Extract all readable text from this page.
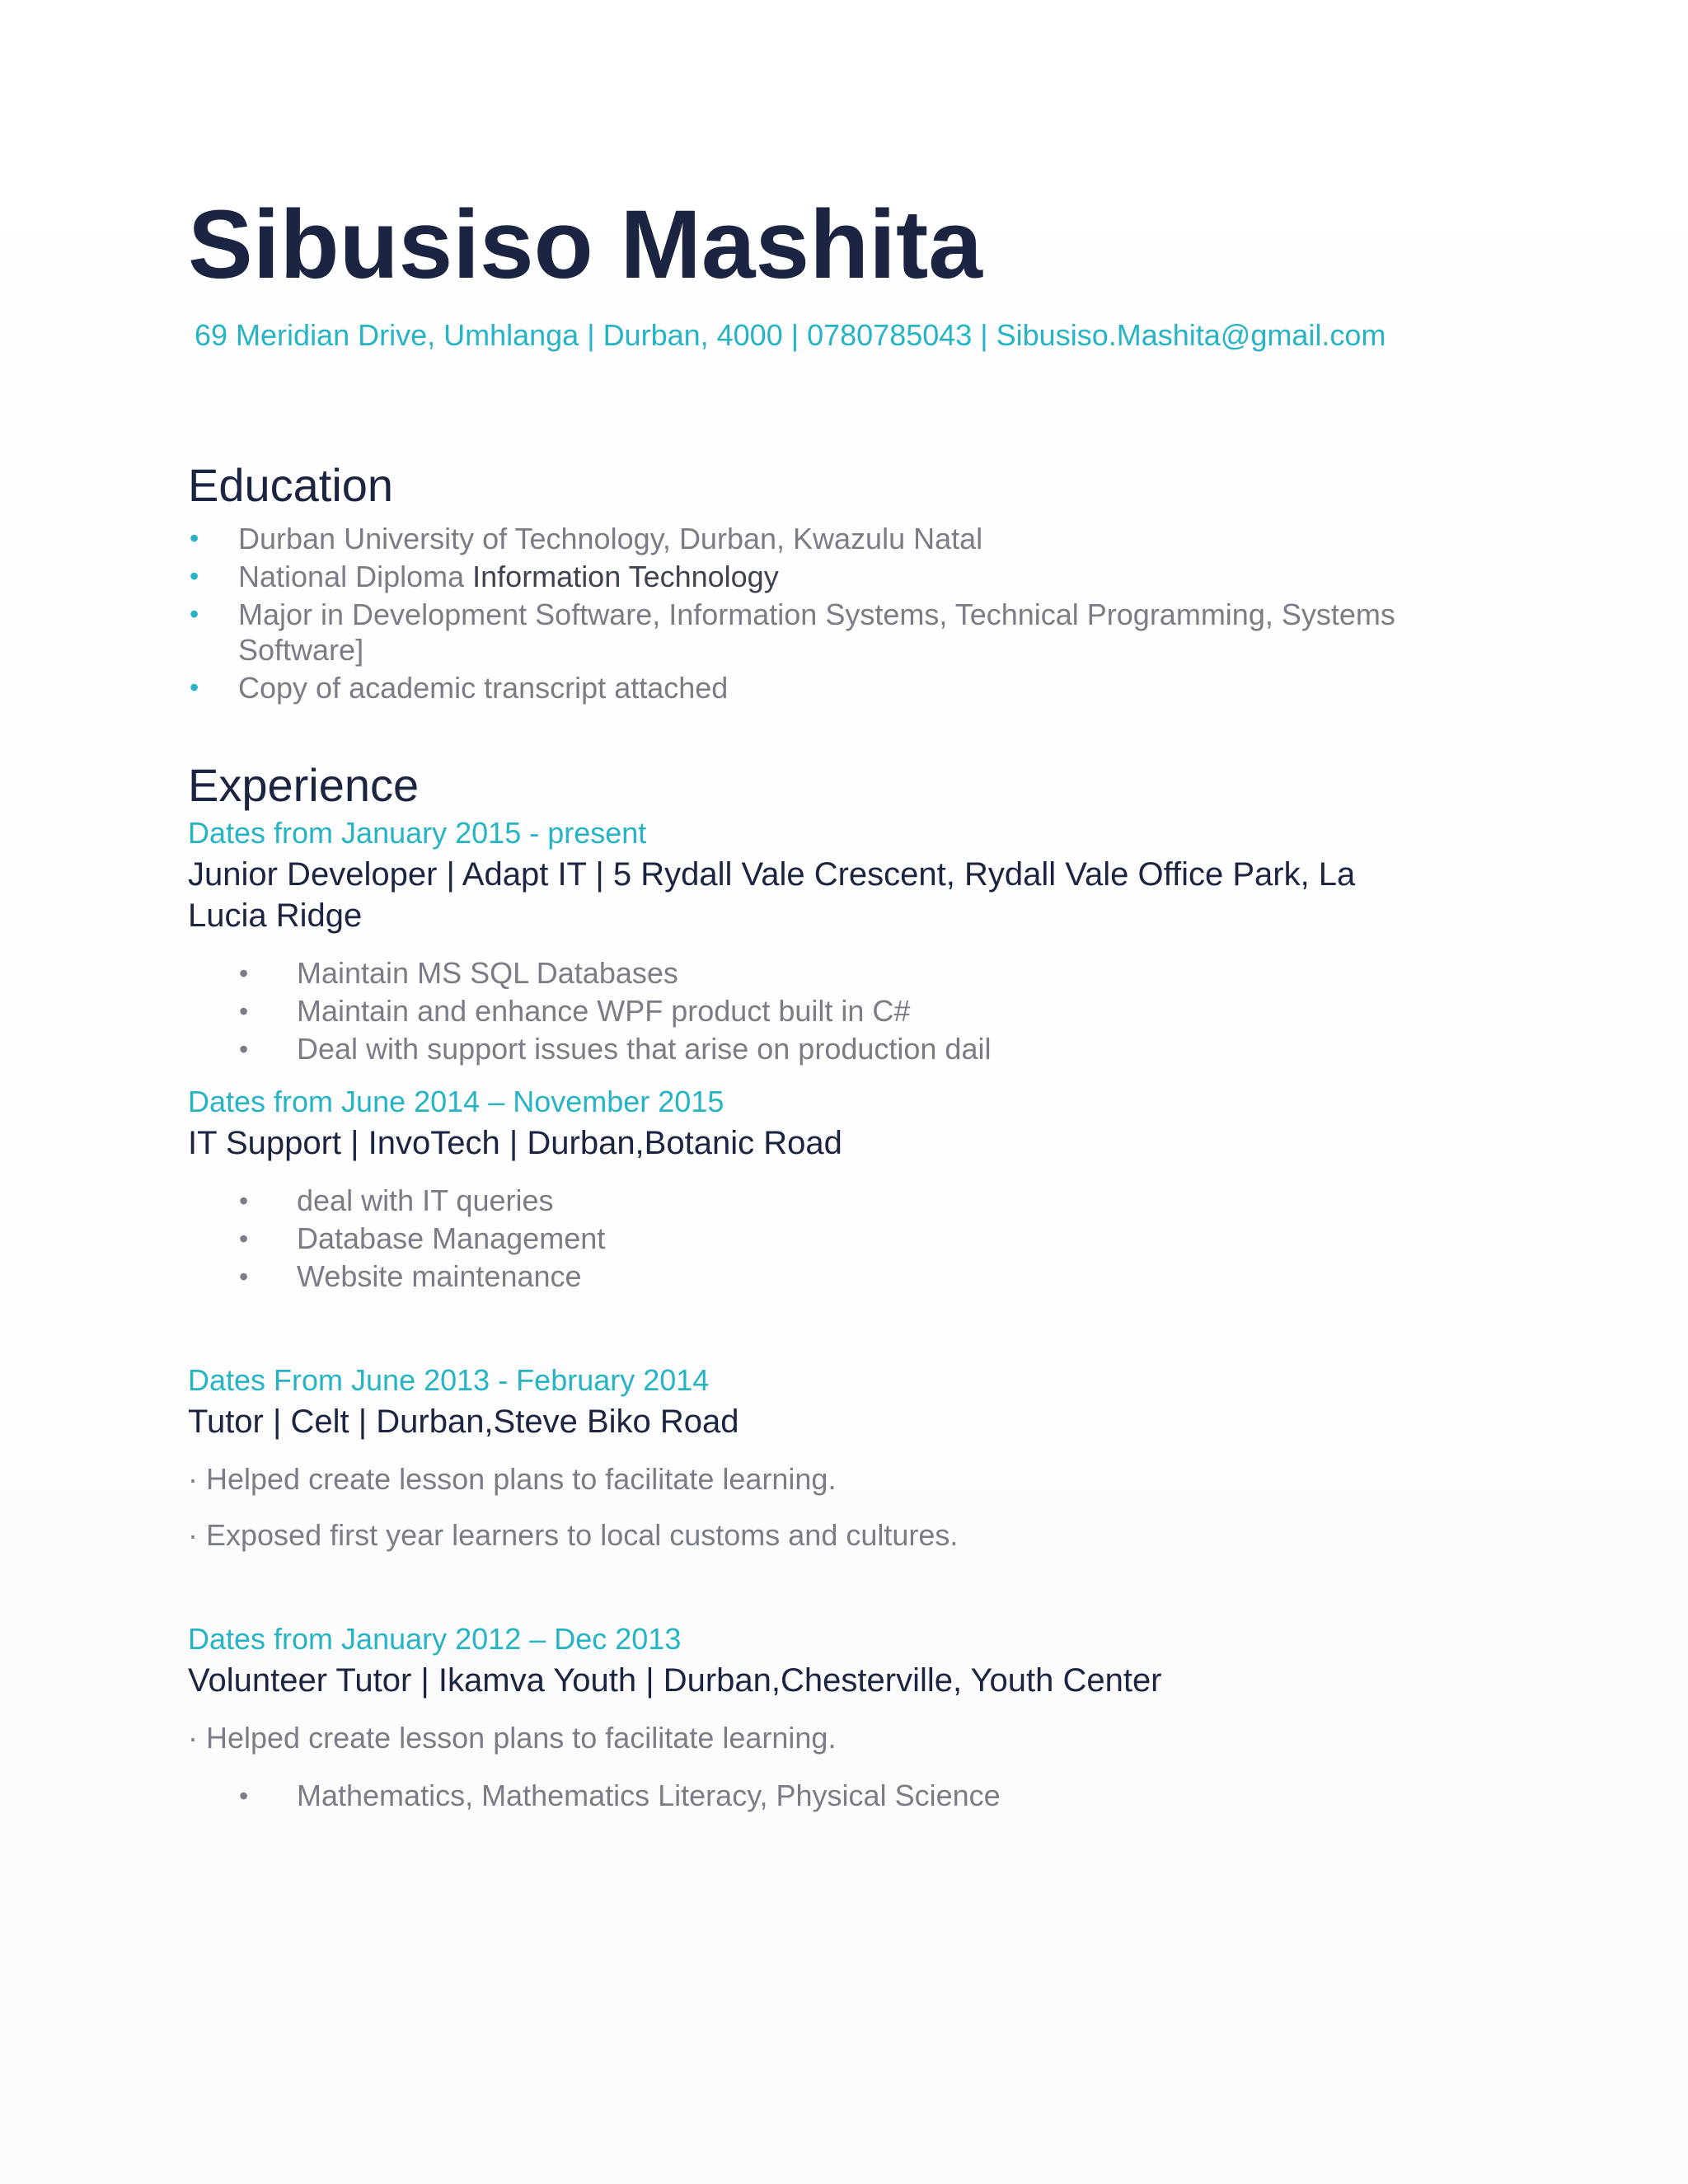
Sibusiso Mashita
69 Meridian Drive, Umhlanga | Durban, 4000 | 0780785043 | Sibusiso.Mashita@gmail.com
Education
• Durban University of Technology, Durban, Kwazulu Natal
• National Diploma Information Technology
• Major in Development Software, Information Systems, Technical Programming, Systems Software]
• Copy of academic transcript attached
Experience
Dates from January 2015 - present
Junior Developer | Adapt IT | 5 Rydall Vale Crescent, Rydall Vale Office Park, La Lucia Ridge
• Maintain MS SQL Databases
• Maintain and enhance WPF product built in C#
• Deal with support issues that arise on production dail
Dates from June 2014 – November 2015
IT Support | InvoTech | Durban,Botanic Road
• deal with IT queries
• Database Management
• Website maintenance
Dates From June 2013 - February 2014
Tutor | Celt | Durban,Steve Biko Road

· Helped create lesson plans to facilitate learning.

· Exposed first year learners to local customs and cultures.

Dates from January 2012 – Dec 2013
Volunteer Tutor | Ikamva Youth | Durban,Chesterville, Youth Center

· Helped create lesson plans to facilitate learning.

• Mathematics, Mathematics Literacy, Physical Science
